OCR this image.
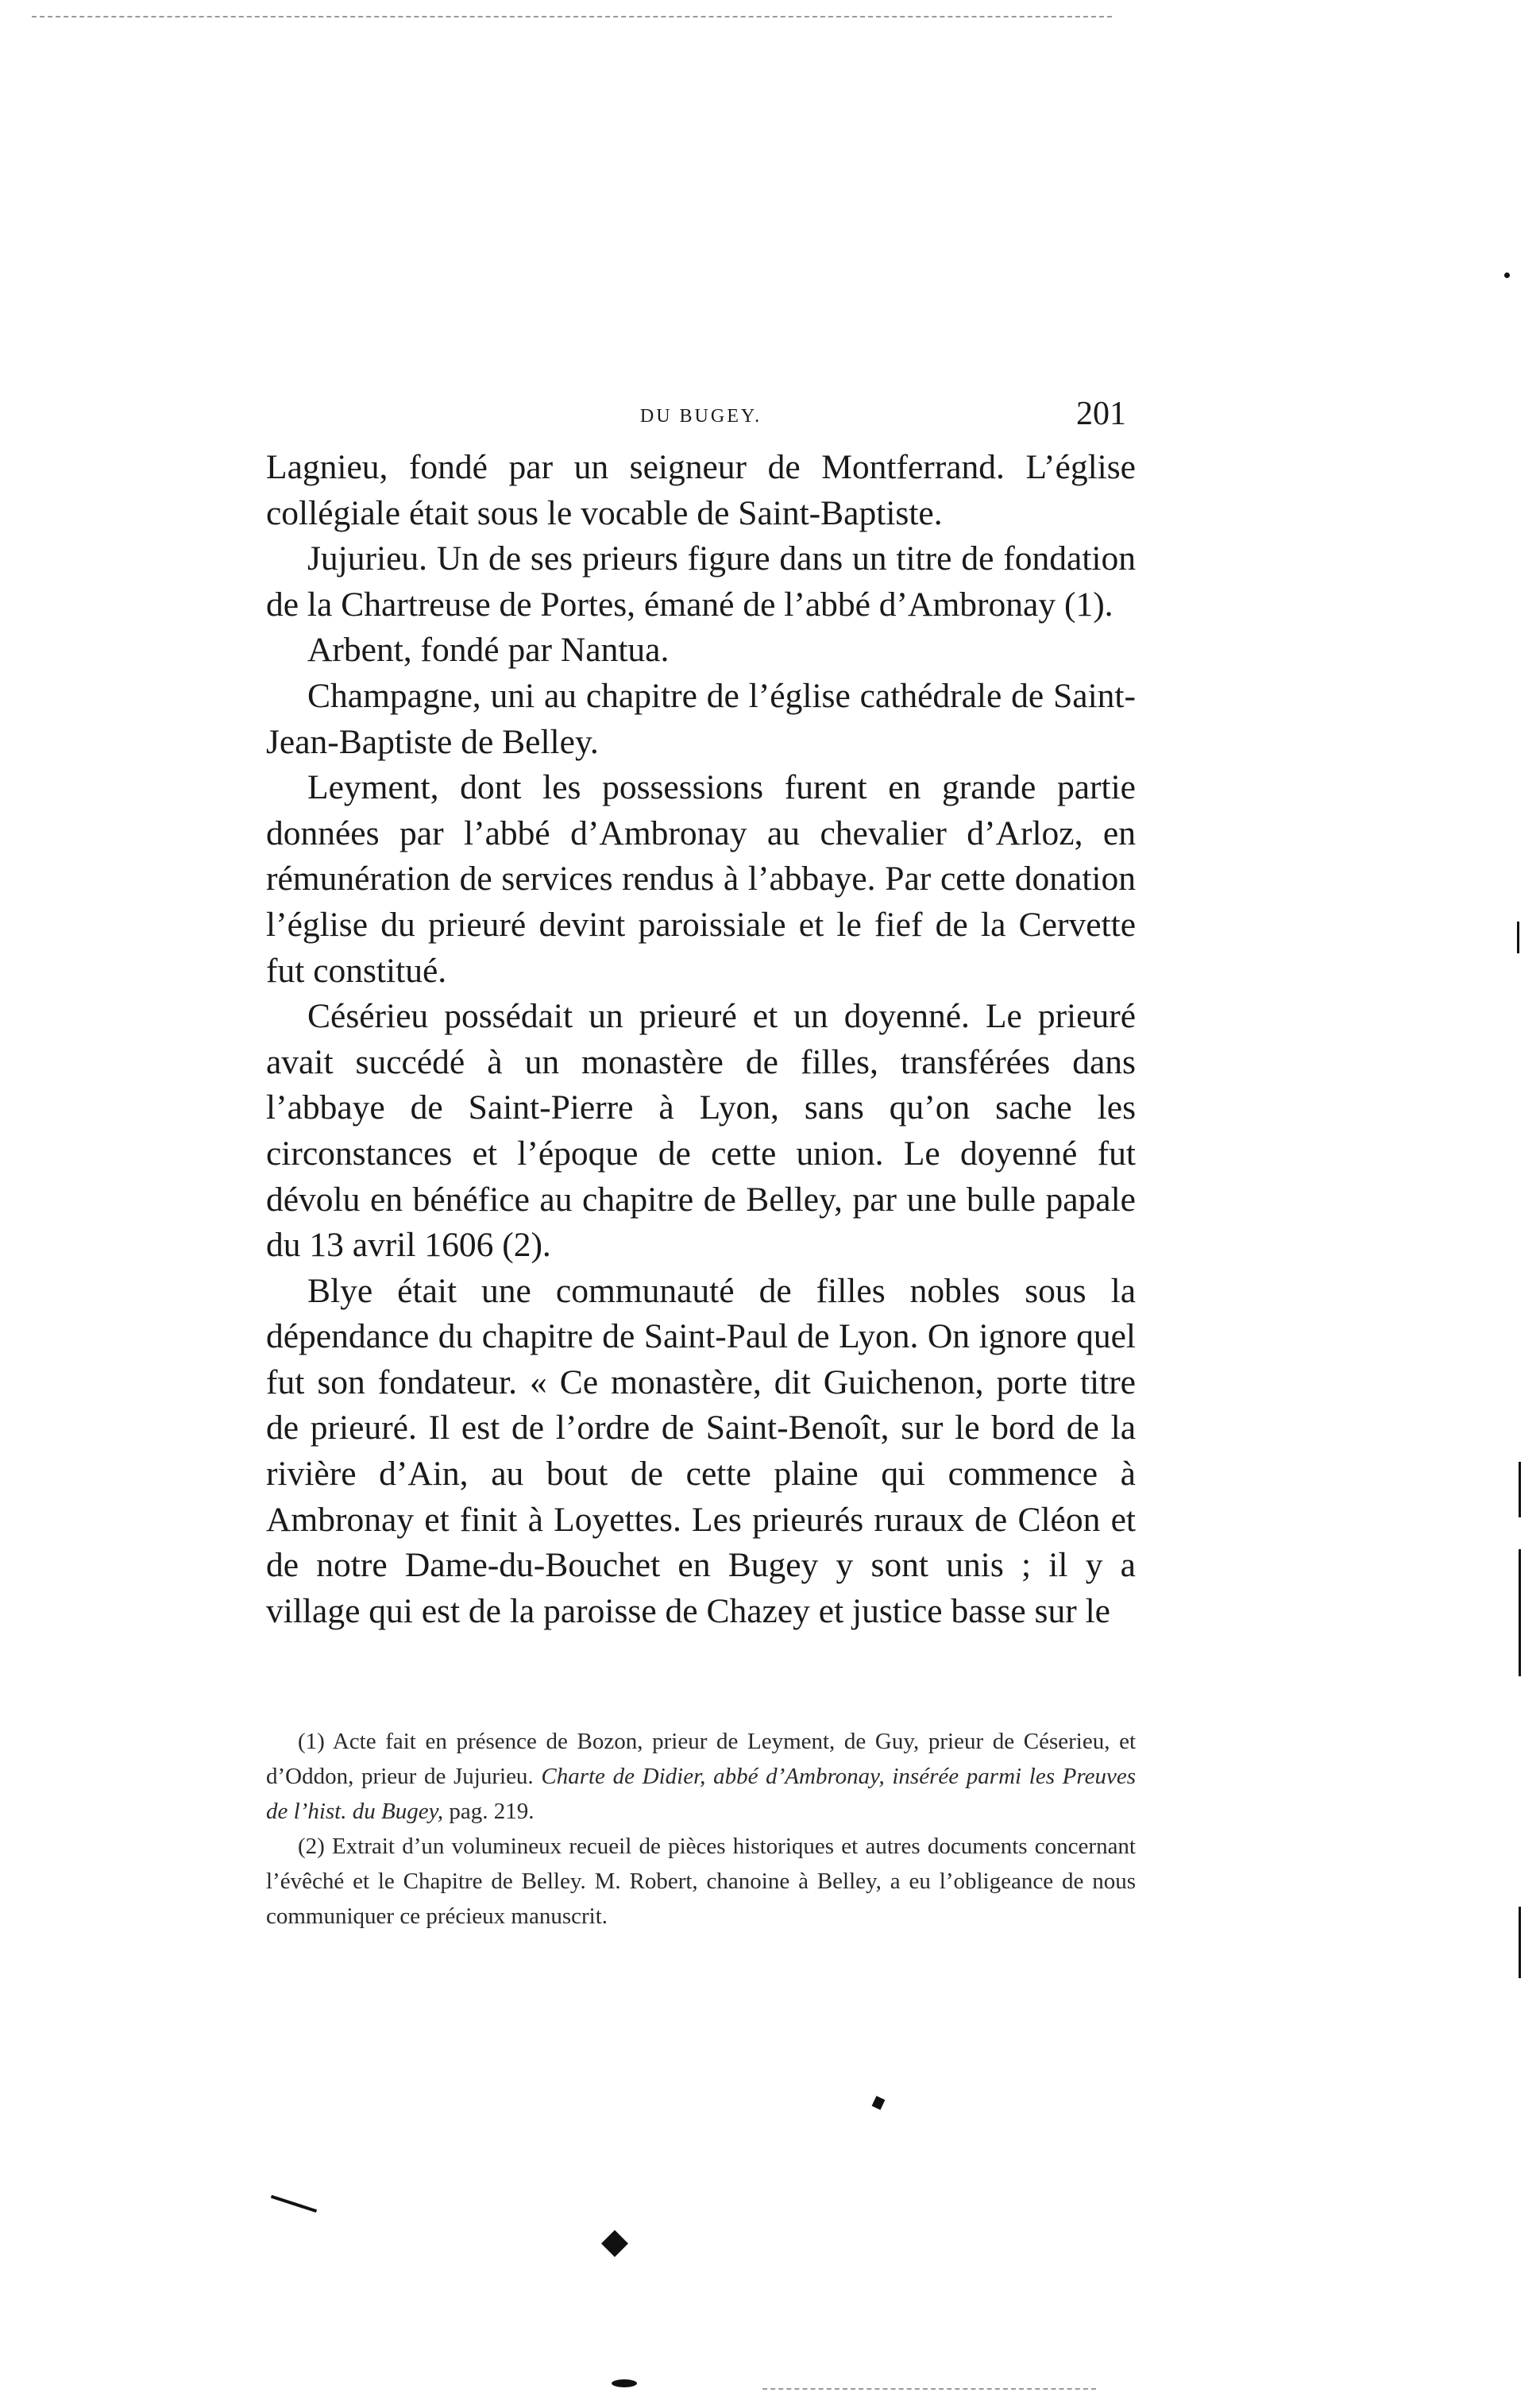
DU BUGEY.	201

Lagnieu, fondé par un seigneur de Montferrand. L’église collégiale était sous le vocable de Saint-Baptiste.

Jujurieu. Un de ses prieurs figure dans un titre de fondation de la Chartreuse de Portes, émané de l’abbé d’Ambronay (1).

Arbent, fondé par Nantua.

Champagne, uni au chapitre de l’église cathédrale de Saint-Jean-Baptiste de Belley.

Leyment, dont les possessions furent en grande partie données par l’abbé d’Ambronay au chevalier d’Arloz, en rémunération de services rendus à l’abbaye. Par cette donation l’église du prieuré devint paroissiale et le fief de la Cervette fut constitué.

Césérieu possédait un prieuré et un doyenné. Le prieuré avait succédé à un monastère de filles, transférées dans l’abbaye de Saint-Pierre à Lyon, sans qu’on sache les circonstances et l’époque de cette union. Le doyenné fut dévolu en bénéfice au chapitre de Belley, par une bulle papale du 13 avril 1606 (2).

Blye était une communauté de filles nobles sous la dépendance du chapitre de Saint-Paul de Lyon. On ignore quel fut son fondateur. « Ce monastère, dit Guichenon, porte titre de prieuré. Il est de l’ordre de Saint-Benoît, sur le bord de la rivière d’Ain, au bout de cette plaine qui commence à Ambronay et finit à Loyettes. Les prieurés ruraux de Cléon et de notre Dame-du-Bouchet en Bugey y sont unis ; il y a village qui est de la paroisse de Chazey et justice basse sur le

(1) Acte fait en présence de Bozon, prieur de Leyment, de Guy, prieur de Céserieu, et d’Oddon, prieur de Jujurieu. Charte de Didier, abbé d’Ambronay, insérée parmi les Preuves de l’hist. du Bugey, pag. 219.

(2) Extrait d’un volumineux recueil de pièces historiques et autres documents concernant l’évêché et le Chapitre de Belley. M. Robert, chanoine à Belley, a eu l’obligeance de nous communiquer ce précieux manuscrit.
